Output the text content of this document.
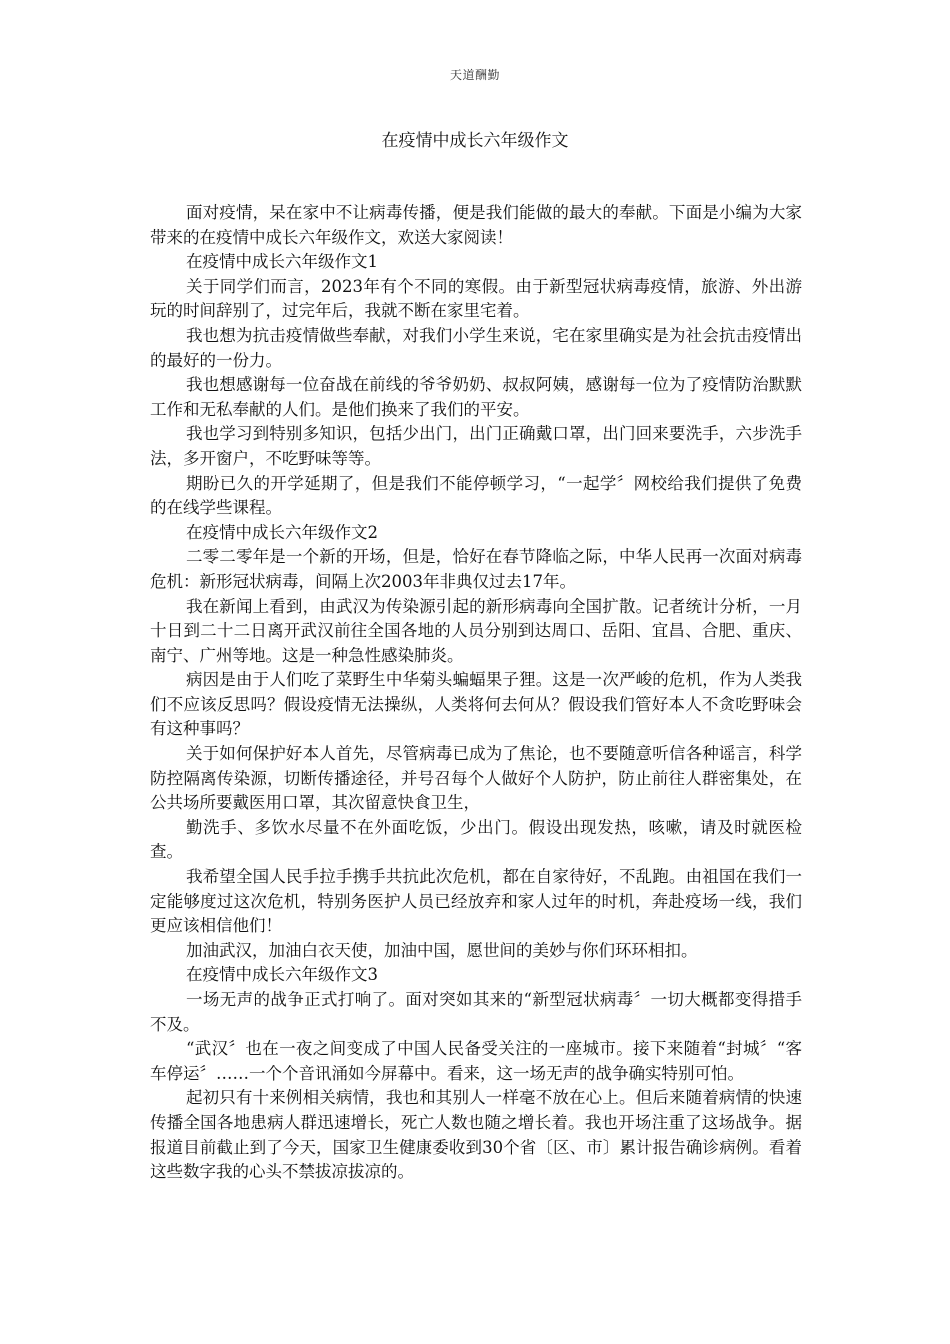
天道酬勤
在疫情中成长六年级作文

面对疫情，呆在家中不让病毒传播，便是我们能做的最大的奉献。下面是小编为大家带来的在疫情中成长六年级作文，欢送大家阅读！

在疫情中成长六年级作文1

关于同学们而言，2023年有个不同的寒假。由于新型冠状病毒疫情，旅游、外出游玩的时间辞别了，过完年后，我就不断在家里宅着。

我也想为抗击疫情做些奉献，对我们小学生来说，宅在家里确实是为社会抗击疫情出的最好的一份力。

我也想感谢每一位奋战在前线的爷爷奶奶、叔叔阿姨，感谢每一位为了疫情防治默默工作和无私奉献的人们。是他们换来了我们的平安。

我也学习到特别多知识，包括少出门，出门正确戴口罩，出门回来要洗手，六步洗手法，多开窗户，不吃野味等等。

期盼已久的开学延期了，但是我们不能停顿学习，“一起学〞网校给我们提供了免费的在线学些课程。

在疫情中成长六年级作文2

二零二零年是一个新的开场，但是，恰好在春节降临之际，中华人民再一次面对病毒危机：新形冠状病毒，间隔上次2003年非典仅过去17年。

我在新闻上看到，由武汉为传染源引起的新形病毒向全国扩散。记者统计分析，一月十日到二十二日离开武汉前往全国各地的人员分别到达周口、岳阳、宜昌、合肥、重庆、南宁、广州等地。这是一种急性感染肺炎。

病因是由于人们吃了菜野生中华菊头蝙蝠果子狸。这是一次严峻的危机，作为人类我们不应该反思吗？假设疫情无法操纵，人类将何去何从？假设我们管好本人不贪吃野味会有这种事吗？

关于如何保护好本人首先，尽管病毒已成为了焦论，也不要随意听信各种谣言，科学防控隔离传染源，切断传播途径，并号召每个人做好个人防护，防止前往人群密集处，在公共场所要戴医用口罩，其次留意快食卫生，

勤洗手、多饮水尽量不在外面吃饭，少出门。假设出现发热，咳嗽，请及时就医检查。

我希望全国人民手拉手携手共抗此次危机，都在自家待好，不乱跑。由祖国在我们一定能够度过这次危机，特别务医护人员已经放弃和家人过年的时机，奔赴疫场一线，我们更应该相信他们！

加油武汉，加油白衣天使，加油中国，愿世间的美妙与你们环环相扣。

在疫情中成长六年级作文3

一场无声的战争正式打响了。面对突如其来的“新型冠状病毒〞一切大概都变得措手不及。

“武汉〞也在一夜之间变成了中国人民备受关注的一座城市。接下来随着“封城〞“客车停运〞……一个个音讯涌如今屏幕中。看来，这一场无声的战争确实特别可怕。

起初只有十来例相关病情，我也和其别人一样毫不放在心上。但后来随着病情的快速传播全国各地患病人群迅速增长，死亡人数也随之增长着。我也开场注重了这场战争。据报道目前截止到了今天，国家卫生健康委收到30个省〔区、市〕累计报告确诊病例。看着这些数字我的心头不禁拔凉拔凉的。
